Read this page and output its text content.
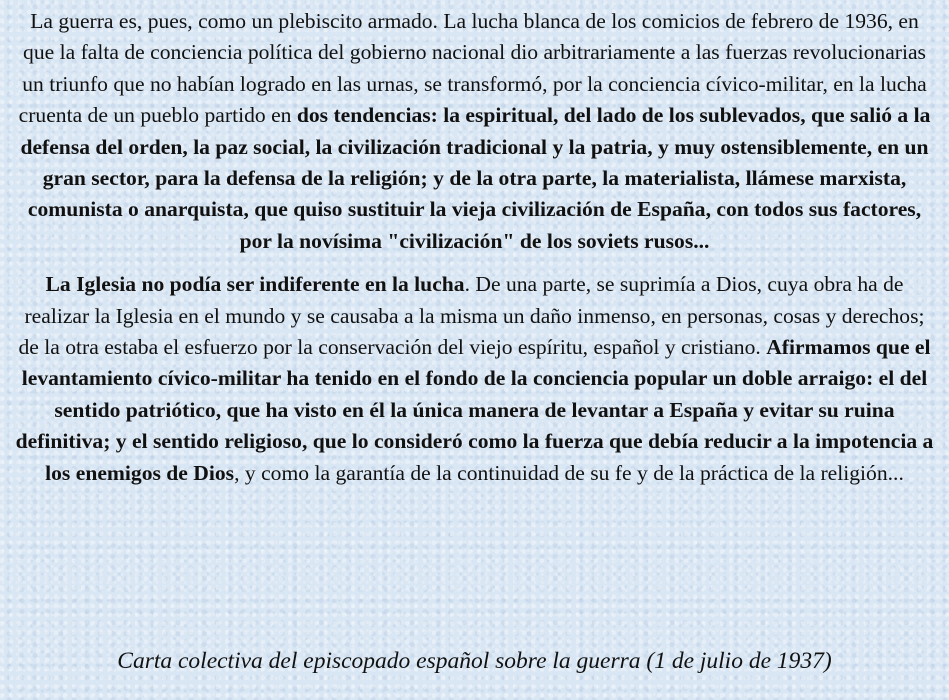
La guerra es, pues, como un plebiscito armado. La lucha blanca de los comicios de febrero de 1936, en que la falta de conciencia política del gobierno nacional dio arbitrariamente a las fuerzas revolucionarias un triunfo que no habían logrado en las urnas, se transformó, por la conciencia cívico-militar, en la lucha cruenta de un pueblo partido en dos tendencias: la espiritual, del lado de los sublevados, que salió a la defensa del orden, la paz social, la civilización tradicional y la patria, y muy ostensiblemente, en un gran sector, para la defensa de la religión; y de la otra parte, la materialista, llámese marxista, comunista o anarquista, que quiso sustituir la vieja civilización de España, con todos sus factores, por la novísima "civilización" de los soviets rusos...

La Iglesia no podía ser indiferente en la lucha. De una parte, se suprimía a Dios, cuya obra ha de realizar la Iglesia en el mundo y se causaba a la misma un daño inmenso, en personas, cosas y derechos; de la otra estaba el esfuerzo por la conservación del viejo espíritu, español y cristiano. Afirmamos que el levantamiento cívico-militar ha tenido en el fondo de la conciencia popular un doble arraigo: el del sentido patriótico, que ha visto en él la única manera de levantar a España y evitar su ruina definitiva; y el sentido religioso, que lo consideró como la fuerza que debía reducir a la impotencia a los enemigos de Dios, y como la garantía de la continuidad de su fe y de la práctica de la religión...

Carta colectiva del episcopado español sobre la guerra (1 de julio de 1937)
